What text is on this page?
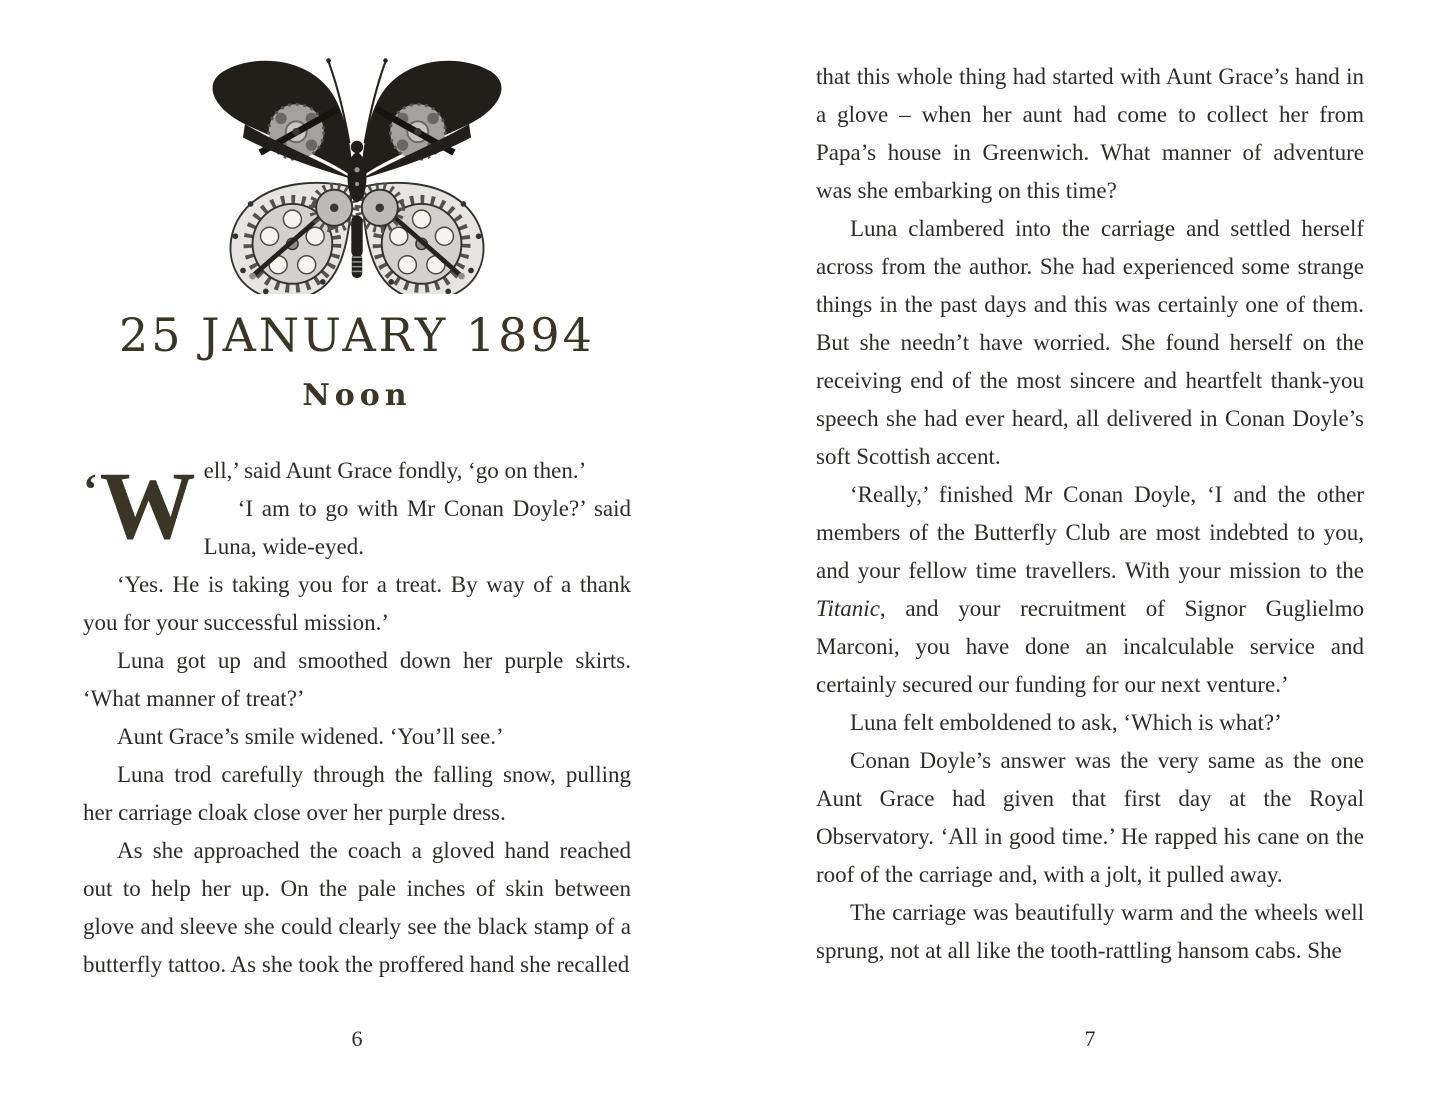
25 JANUARY 1894
Noon

‘W ell,’ said Aunt Grace fondly, ‘go on then.’

‘I am to go with Mr Conan Doyle?’ said Luna, wide-eyed.

‘Yes. He is taking you for a treat. By way of a thank you for your successful mission.’

Luna got up and smoothed down her purple skirts. ‘What manner of treat?’

Aunt Grace’s smile widened. ‘You’ll see.’

Luna trod carefully through the falling snow, pulling her carriage cloak close over her purple dress.

As she approached the coach a gloved hand reached out to help her up. On the pale inches of skin between glove and sleeve she could clearly see the black stamp of a butterfly tattoo. As she took the proffered hand she recalled

6

that this whole thing had started with Aunt Grace’s hand in a glove – when her aunt had come to collect her from Papa’s house in Greenwich. What manner of adventure was she embarking on this time?

Luna clambered into the carriage and settled herself across from the author. She had experienced some strange things in the past days and this was certainly one of them. But she needn’t have worried. She found herself on the receiving end of the most sincere and heartfelt thank-you speech she had ever heard, all delivered in Conan Doyle’s soft Scottish accent.

‘Really,’ finished Mr Conan Doyle, ‘I and the other members of the Butterfly Club are most indebted to you, and your fellow time travellers. With your mission to the Titanic, and your recruitment of Signor Guglielmo Marconi, you have done an incalculable service and certainly secured our funding for our next venture.’

Luna felt emboldened to ask, ‘Which is what?’

Conan Doyle’s answer was the very same as the one Aunt Grace had given that first day at the Royal Observatory. ‘All in good time.’ He rapped his cane on the roof of the carriage and, with a jolt, it pulled away.

The carriage was beautifully warm and the wheels well sprung, not at all like the tooth-rattling hansom cabs. She

7
